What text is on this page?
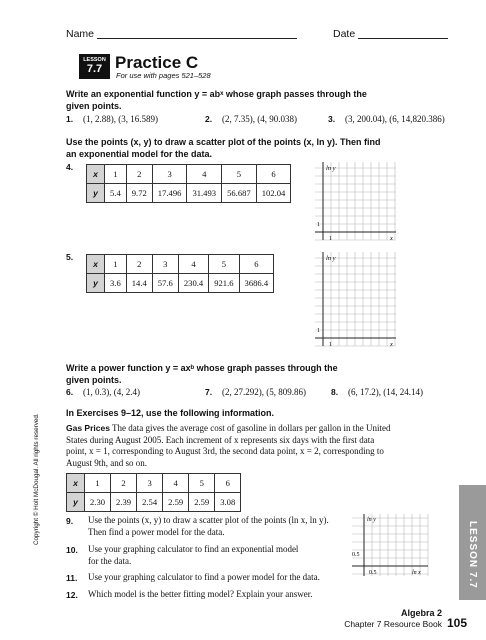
Name	Date
LESSON
7.7 Practice C
For use with pages 521–528
Write an exponential function y = abˣ whose graph passes through the
given points.
1. (1, 2.88), (3, 16.589)	2. (2, 7.35), (4, 90.038)	3. (3, 200.04), (6, 14,820.386)
Use the points (x, y) to draw a scatter plot of the points (x, ln y). Then find
an exponential model for the data.
4.
x	1	2	3	4	5	6
y	5.4	9.72	17.496	31.493	56.687	102.04
ln y
x
1
1
5.
x	1	2	3	4	5	6
y	3.6	14.4	57.6	230.4	921.6	3686.4
ln y
x
1
1
Write a power function y = axᵇ whose graph passes through the
given points.
6. (1, 0.3), (4, 2.4)	7. (2, 27.292), (5, 809.86)	8. (6, 17.2), (14, 24.14)
In Exercises 9–12, use the following information.
Gas Prices The data gives the average cost of gasoline in dollars per gallon in the United
States during August 2005. Each increment of x represents six days with the first data
point, x = 1, corresponding to August 3rd, the second data point, x = 2, corresponding to
August 9th, and so on.
x	1	2	3	4	5	6
y	2.30	2.39	2.54	2.59	2.59	3.08
9. Use the points (x, y) to draw a scatter plot of the points (ln x, ln y).
Then find a power model for the data.
10. Use your graphing calculator to find an exponential model
for the data.
11. Use your graphing calculator to find a power model for the data.
12. Which model is the better fitting model? Explain your answer.
ln y
ln x
0.5
0.5
Copyright © Holt McDougal. All rights reserved.
LESSON 7.7
Algebra 2
Chapter 7 Resource Book 105
